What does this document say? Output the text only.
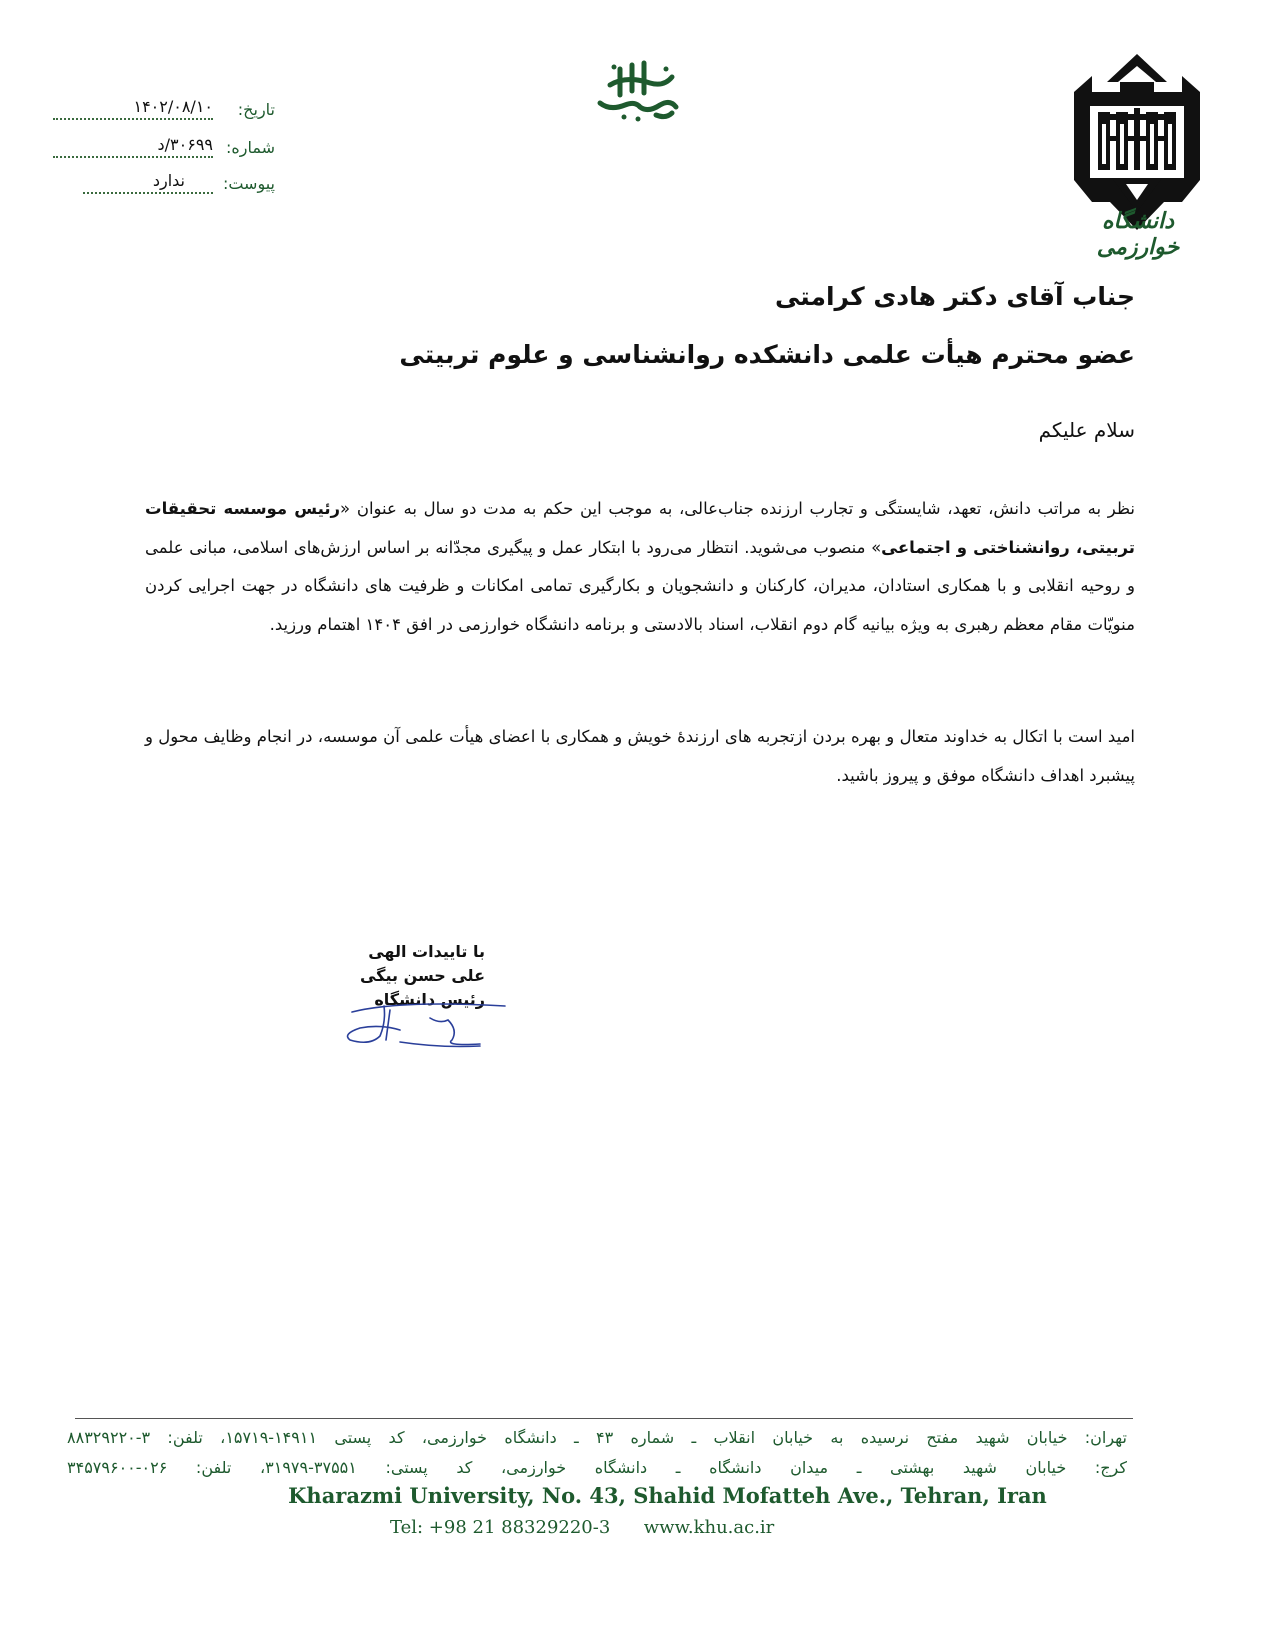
دانشگاه خوارزمی
تاریخ:
۱۴۰۲/۰۸/۱۰
شماره:
۳۰۶۹۹/د
پیوست:
ندارد
جناب آقای دکتر هادی کرامتی
عضو محترم هیأت علمی دانشکده روانشناسی و علوم تربیتی
سلام علیکم
نظر به مراتب دانش، تعهد، شایستگی و تجارب ارزنده جناب‌عالی، به موجب این حکم به مدت دو سال به عنوان «رئیس موسسه تحقیقات تربیتی، روانشناختی و اجتماعی» منصوب می‌شوید. انتظار می‌رود با ابتکار عمل و پیگیری مجدّانه بر اساس ارزش‌های اسلامی، مبانی علمی و روحیه انقلابی و با همکاری استادان، مدیران، کارکنان و دانشجویان و بکارگیری تمامی امکانات و ظرفیت های دانشگاه در جهت اجرایی کردن منویّات مقام معظم رهبری به ویژه بیانیه گام دوم انقلاب، اسناد بالادستی و برنامه دانشگاه خوارزمی در افق ۱۴۰۴ اهتمام ورزید.
امید است با اتکال به خداوند متعال و بهره بردن ازتجربه های ارزندهٔ خویش و همکاری با اعضای هیأت علمی آن موسسه، در انجام وظایف محول و پیشبرد اهداف دانشگاه موفق و پیروز باشید.
با تاییدات الهی
علی حسن بیگی
رئیس دانشگاه
تهران: خیابان شهید مفتح نرسیده به خیابان انقلاب ـ شماره ۴۳ ـ دانشگاه خوارزمی، کد پستی ۱۴۹۱۱-۱۵۷۱۹، تلفن: ۳-۸۸۳۲۹۲۲۰
کرج: خیابان شهید بهشتی ـ میدان دانشگاه ـ دانشگاه خوارزمی، کد پستی: ۳۷۵۵۱-۳۱۹۷۹، تلفن: ۰۲۶-۳۴۵۷۹۶۰۰
Kharazmi University, No. 43, Shahid Mofatteh Ave., Tehran, Iran
Tel: +98 21 88329220-3 www.khu.ac.ir
